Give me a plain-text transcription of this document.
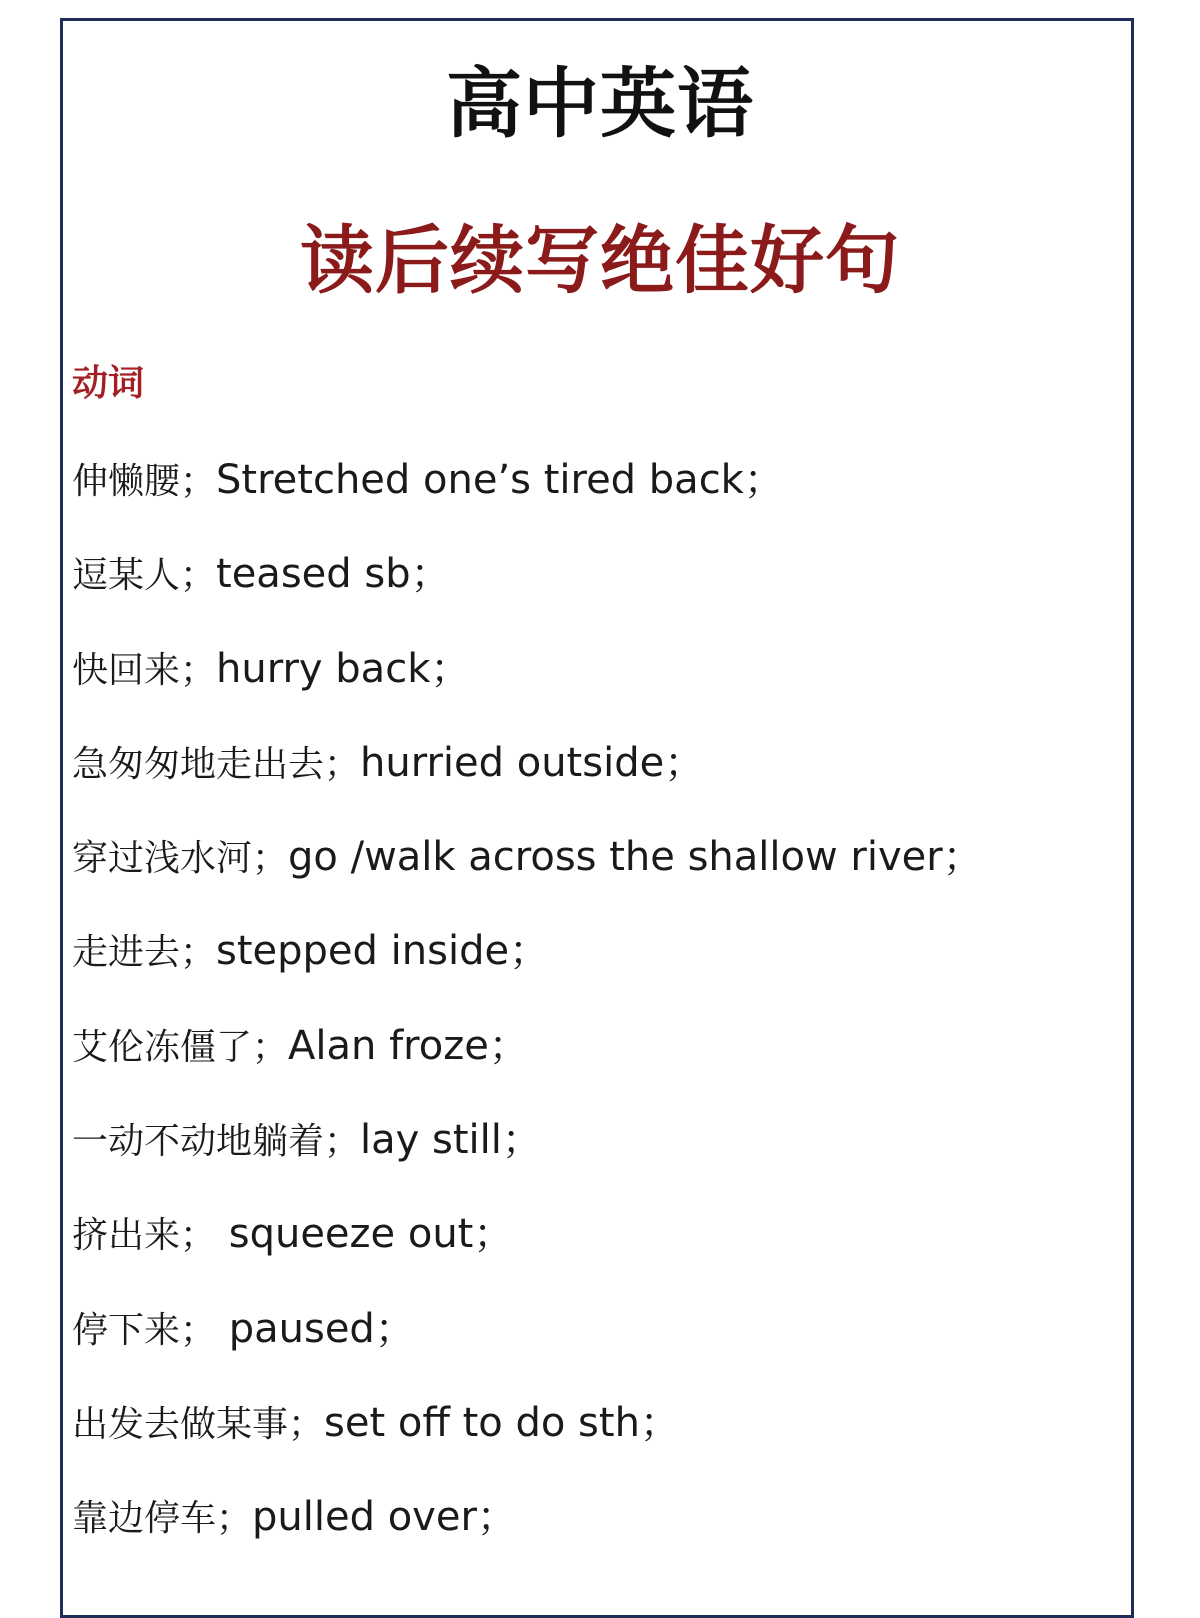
高中英语
读后续写绝佳好句
动词
伸懒腰；Stretched one’s tired back；
逗某人；teased sb；
快回来；hurry back；
急匆匆地走出去；hurried outside；
穿过浅水河；go /walk across the shallow river；
走进去；stepped inside；
艾伦冻僵了；Alan froze；
一动不动地躺着；lay still；
挤出来； squeeze out；
停下来； paused；
出发去做某事；set off to do sth；
靠边停车；pulled over；
